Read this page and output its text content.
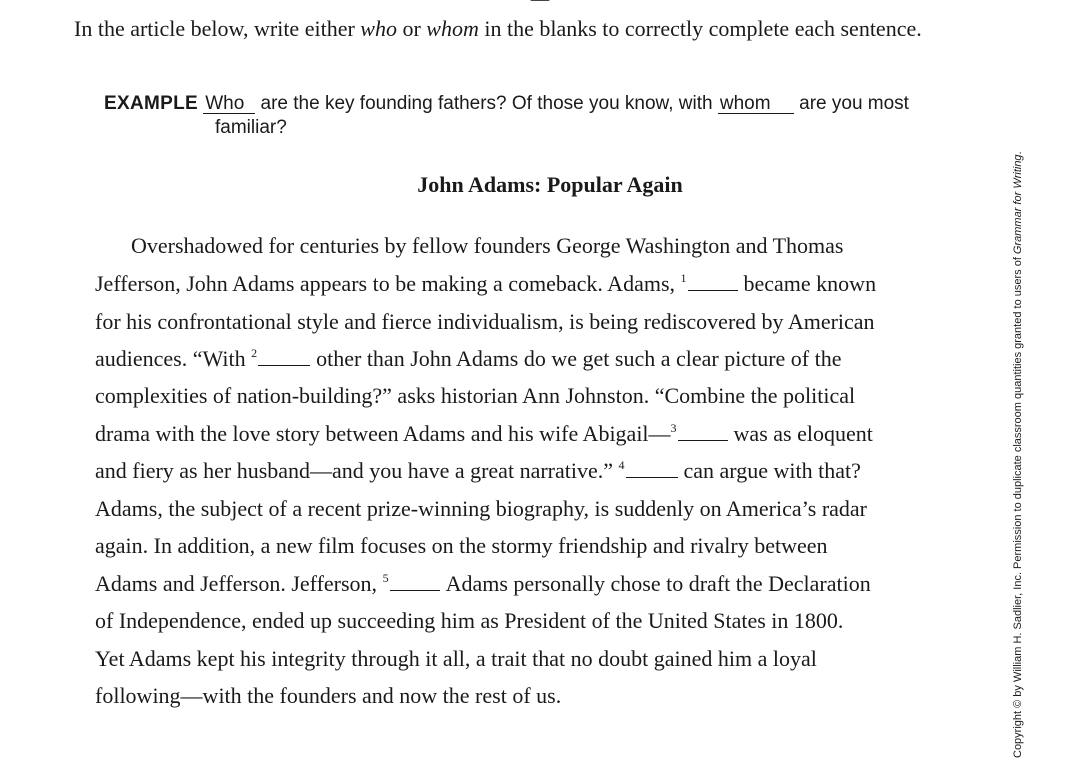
In the article below, write either who or whom in the blanks to correctly complete each sentence.
EXAMPLE Who are the key founding fathers? Of those you know, with whom are you most
familiar?
John Adams: Popular Again
Overshadowed for centuries by fellow founders George Washington and Thomas
Jefferson, John Adams appears to be making a comeback. Adams, $^1$	became known
for his confrontational style and fierce individualism, is being rediscovered by American
audiences. “With $^2$	other than John Adams do we get such a clear picture of the
complexities of nation-building?” asks historian Ann Johnston. “Combine the political
drama with the love story between Adams and his wife Abigail—$^3$	was as eloquent
and fiery as her husband—and you have a great narrative.” $^4$	can argue with that?
Adams, the subject of a recent prize-winning biography, is suddenly on America’s radar
again. In addition, a new film focuses on the stormy friendship and rivalry between
Adams and Jefferson. Jefferson, $^5$	Adams personally chose to draft the Declaration
of Independence, ended up succeeding him as President of the United States in 1800.
Yet Adams kept his integrity through it all, a trait that no doubt gained him a loyal
following—with the founders and now the rest of us.	Copyright © by William H. Sadlier, Inc. Permission to duplicate classroom quantities granted to users of Grammar for Writing.
